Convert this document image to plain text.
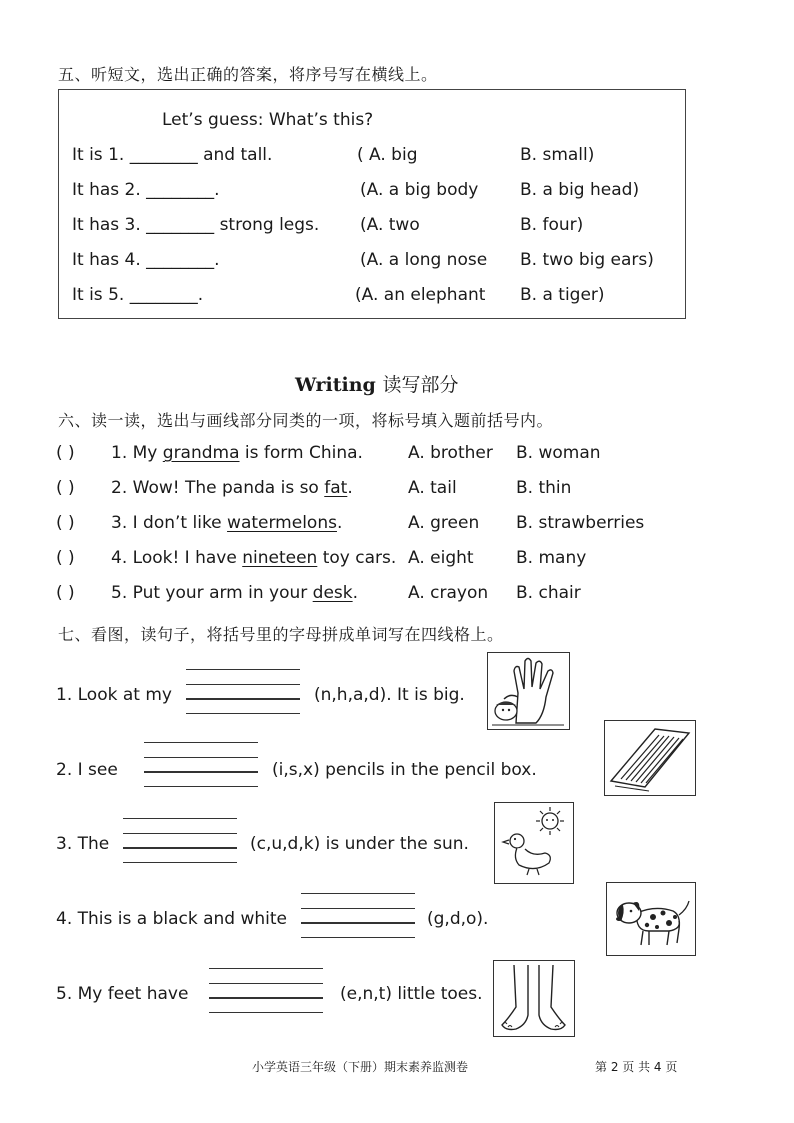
五、听短文，选出正确的答案，将序号写在横线上。
Let’s guess: What’s this?
It is 1. ________ and tall.	( A. big	B. small)
It has 2. ________.	(A. a big body B. a big head)
It has 3. ________ strong legs. (A. two	B. four)
It has 4. ________.	(A. a long nose B. two big ears)
It is 5. ________.	(A. an elephant B. a tiger)
Writing 读写部分
六、读一读，选出与画线部分同类的一项，将标号填入题前括号内。
( ) 1. My grandma is form China.	A. brother B. woman
( ) 2. Wow! The panda is so fat.	A. tail	B. thin
( ) 3. I don’t like watermelons.	A. green B. strawberries
( ) 4. Look! I have nineteen toy cars. A. eight B. many
( ) 5. Put your arm in your desk.	A. crayon B. chair
七、看图，读句子，将括号里的字母拼成单词写在四线格上。
1. Look at my	(n,h,a,d). It is big.
2. I see	(i,s,x) pencils in the pencil box.
3. The	(c,u,d,k) is under the sun.
4. This is a black and white	(g,d,o).
5. My feet have	(e,n,t) little toes.
小学英语三年级（下册）期末素养监测卷	第 2 页 共 4 页
